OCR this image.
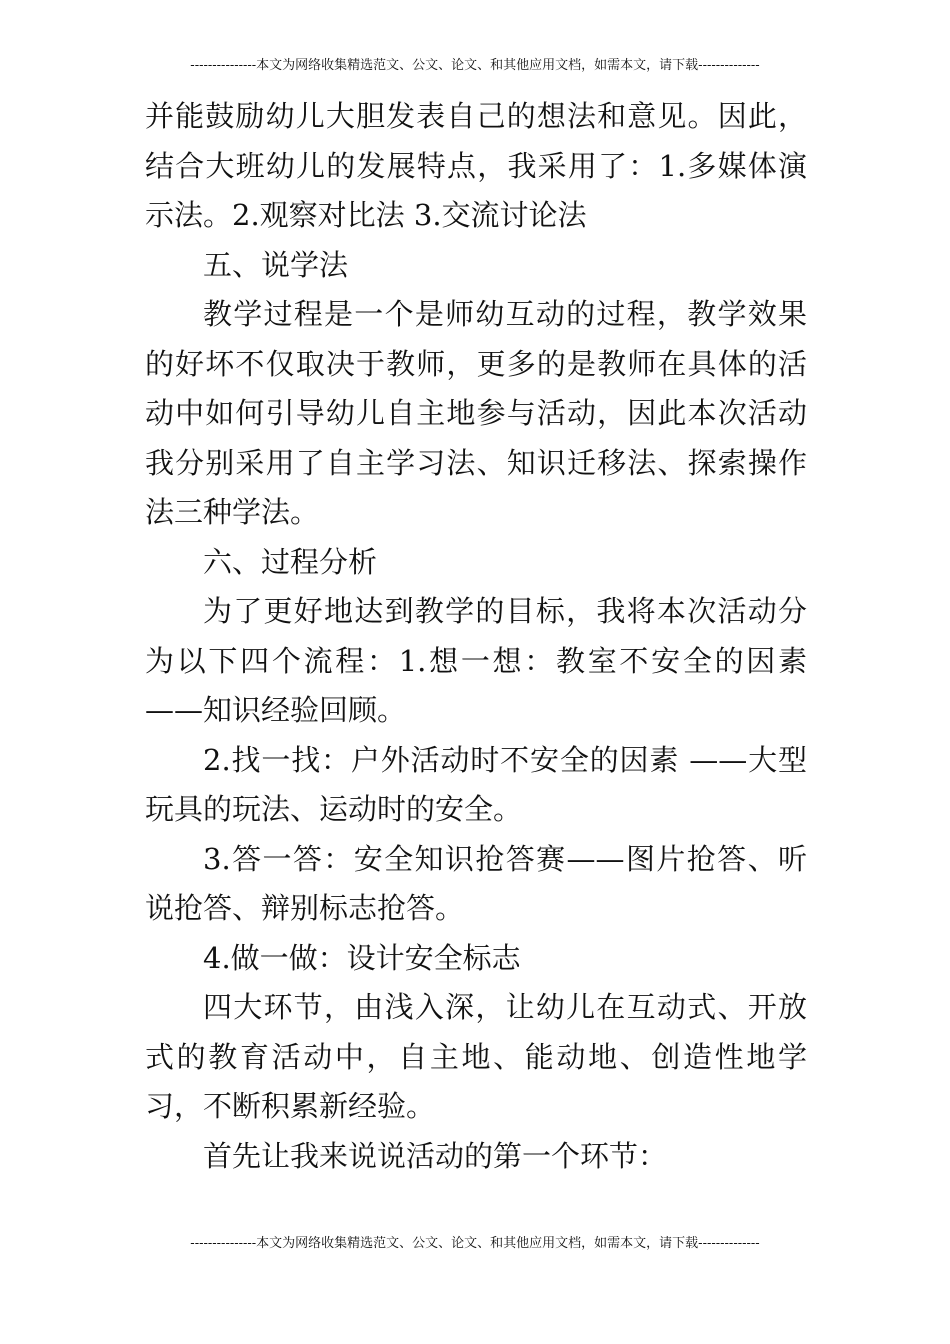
---------------本文为网络收集精选范文、公文、论文、和其他应用文档，如需本文，请下载--------------

并能鼓励幼儿大胆发表自己的想法和意见。因此，结合大班幼儿的发展特点，我采用了：1.多媒体演示法。2.观察对比法 3.交流讨论法

五、说学法

教学过程是一个是师幼互动的过程，教学效果的好坏不仅取决于教师，更多的是教师在具体的活动中如何引导幼儿自主地参与活动，因此本次活动我分别采用了自主学习法、知识迁移法、探索操作法三种学法。

六、过程分析

为了更好地达到教学的目标，我将本次活动分为以下四个流程：1.想一想：教室不安全的因素 ——知识经验回顾。

2.找一找：户外活动时不安全的因素 ——大型玩具的玩法、运动时的安全。

3.答一答：安全知识抢答赛——图片抢答、听说抢答、辩别标志抢答。

4.做一做：设计安全标志

四大环节，由浅入深，让幼儿在互动式、开放式的教育活动中，自主地、能动地、创造性地学习，不断积累新经验。

首先让我来说说活动的第一个环节：

---------------本文为网络收集精选范文、公文、论文、和其他应用文档，如需本文，请下载--------------
